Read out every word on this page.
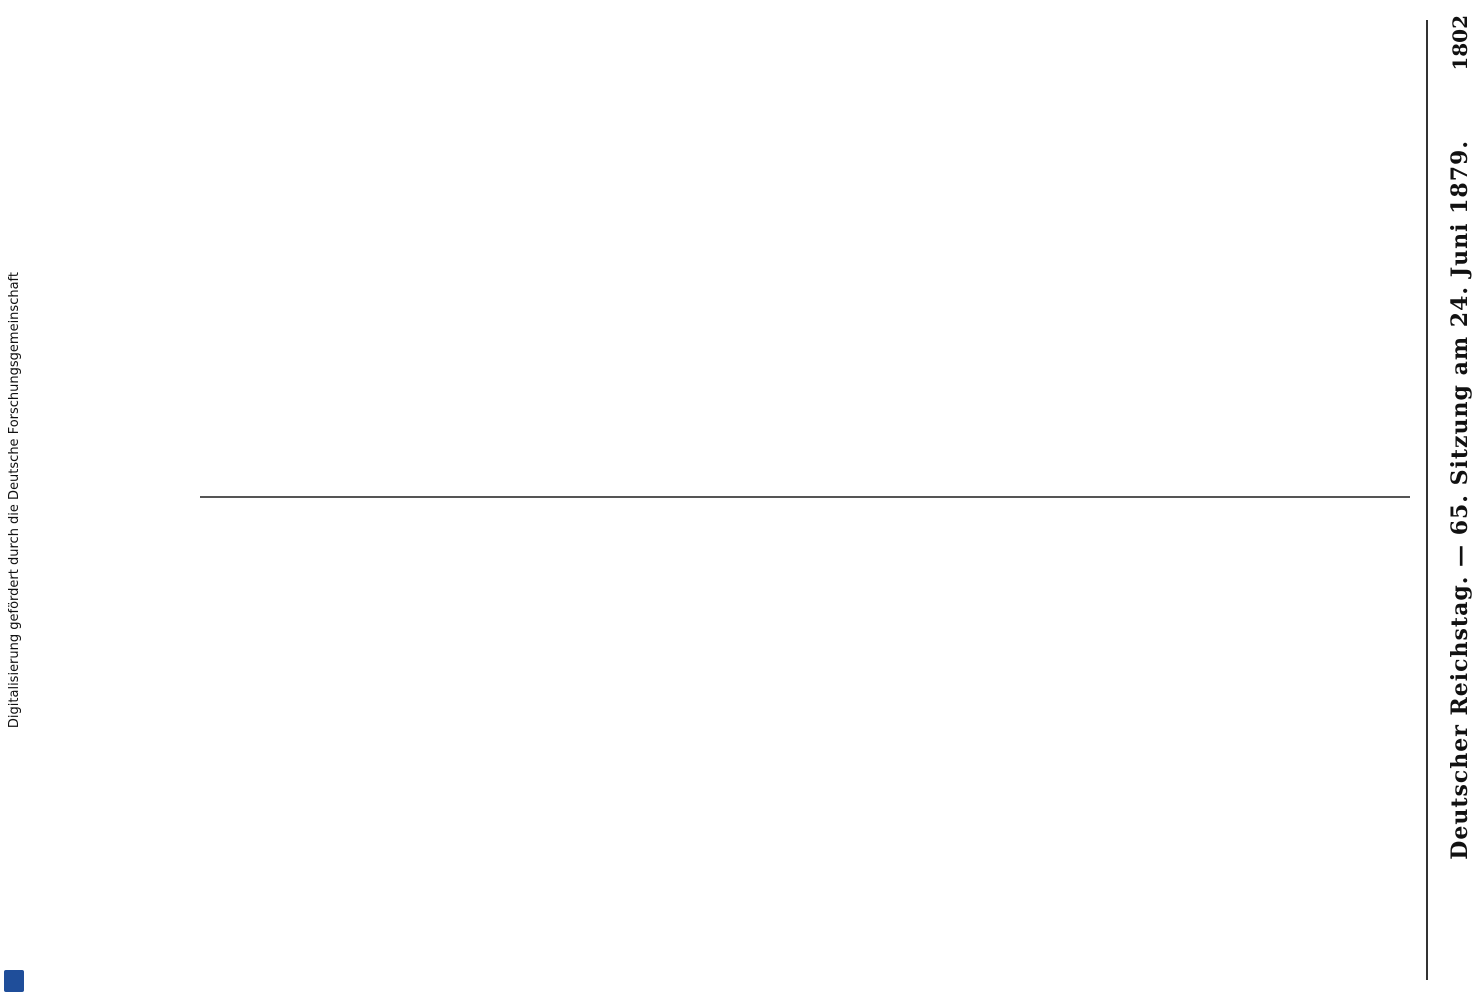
1802
Deutscher Reichstag. — 65. Sitzung am 24. Juni 1879.
Digitalisierung gefördert durch die Deutsche Forschungsgemeinschaft
